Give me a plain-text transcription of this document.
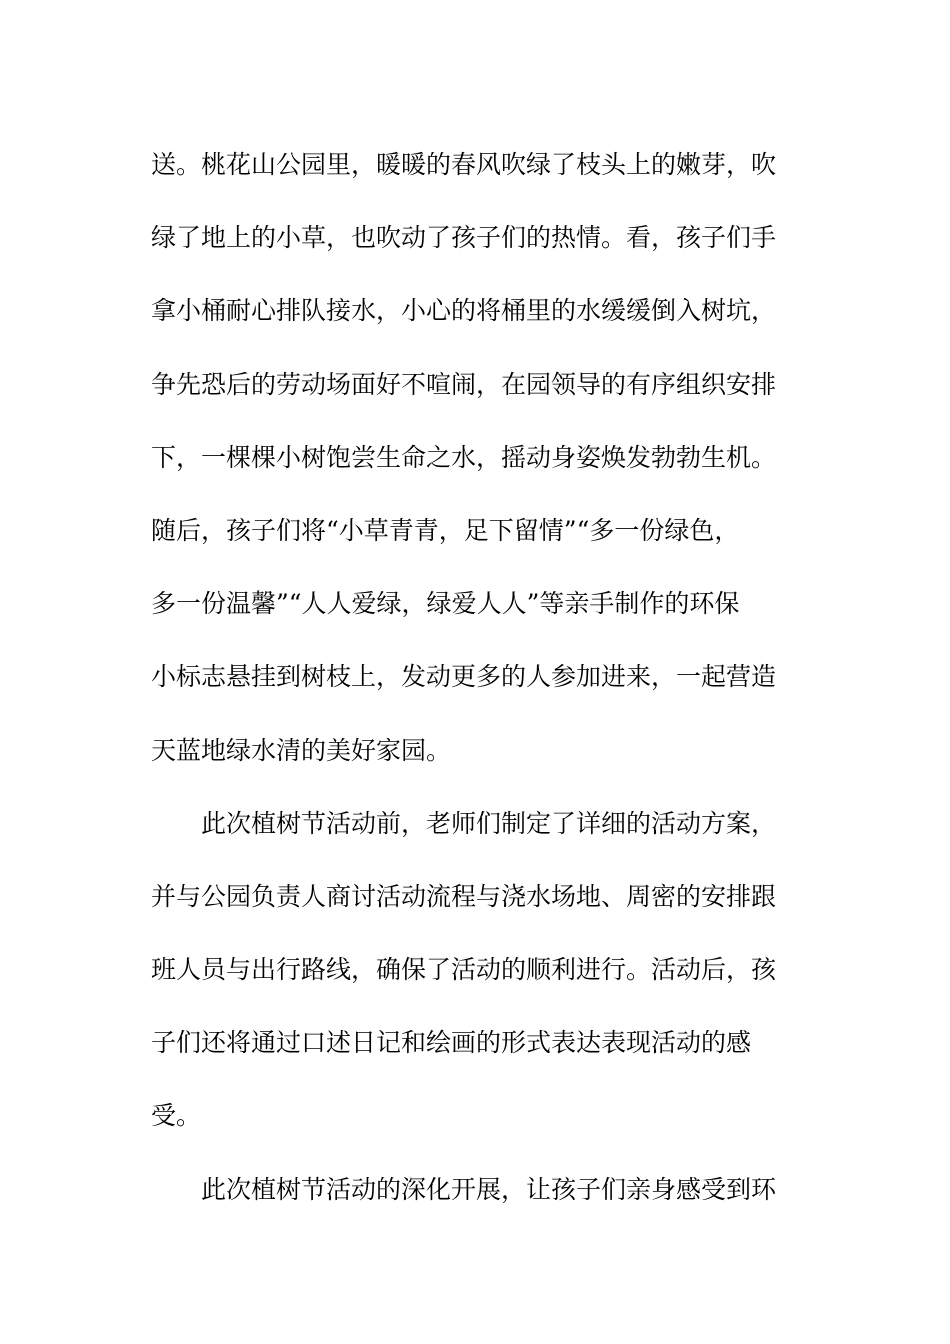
送。桃花山公园里，暖暖的春风吹绿了枝头上的嫩芽，吹
绿了地上的小草，也吹动了孩子们的热情。看，孩子们手
拿小桶耐心排队接水，小心的将桶里的水缓缓倒入树坑，
争先恐后的劳动场面好不喧闹，在园领导的有序组织安排
下，一棵棵小树饱尝生命之水，摇动身姿焕发勃勃生机。
随后，孩子们将“小草青青，足下留情”“多一份绿色，
多一份温馨”“人人爱绿，绿爱人人”等亲手制作的环保
小标志悬挂到树枝上，发动更多的人参加进来，一起营造
天蓝地绿水清的美好家园。
此次植树节活动前，老师们制定了详细的活动方案，
并与公园负责人商讨活动流程与浇水场地、周密的安排跟
班人员与出行路线，确保了活动的顺利进行。活动后，孩
子们还将通过口述日记和绘画的形式表达表现活动的感
受。
此次植树节活动的深化开展，让孩子们亲身感受到环
